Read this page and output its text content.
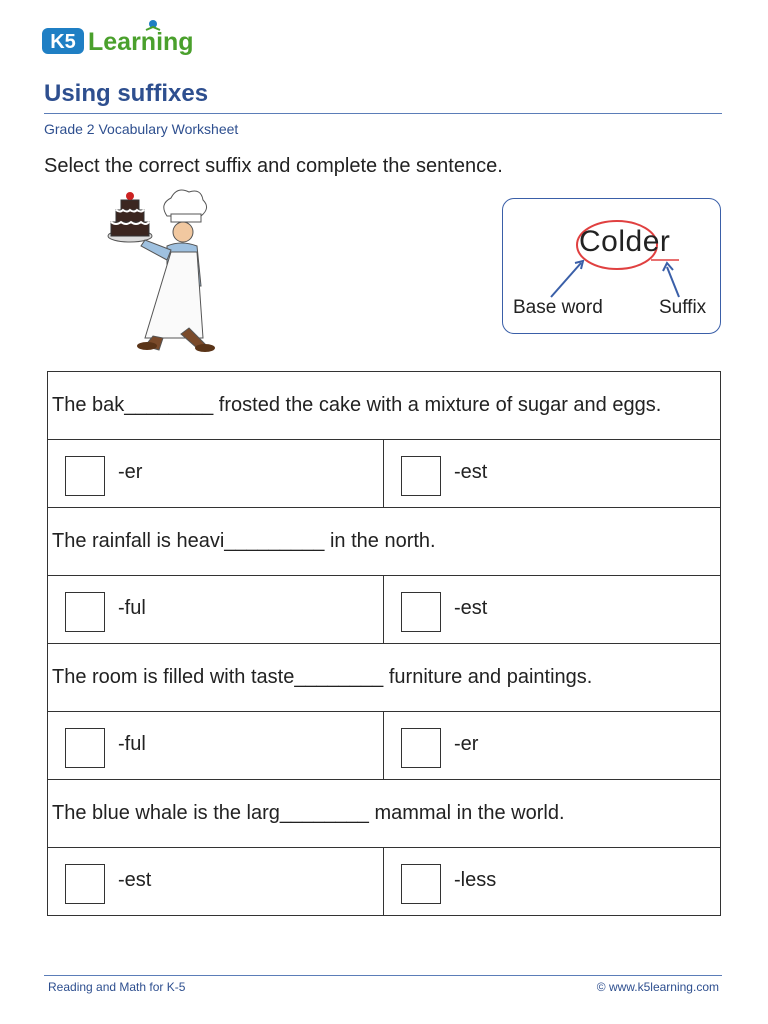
K5 Learning
Using suffixes
Grade 2 Vocabulary Worksheet
Select the correct suffix and complete the sentence.
Colder
Base word	Suffix
The bak________ frosted the cake with a mixture of sugar and eggs.	

-er	-est

The rainfall is heavi_________ in the north.	

-ful	-est

The room is filled with taste________ furniture and paintings.	

-ful	-er

The blue whale is the larg________ mammal in the world.	

-est	-less
Reading and Math for K-5	© www.k5learning.com
